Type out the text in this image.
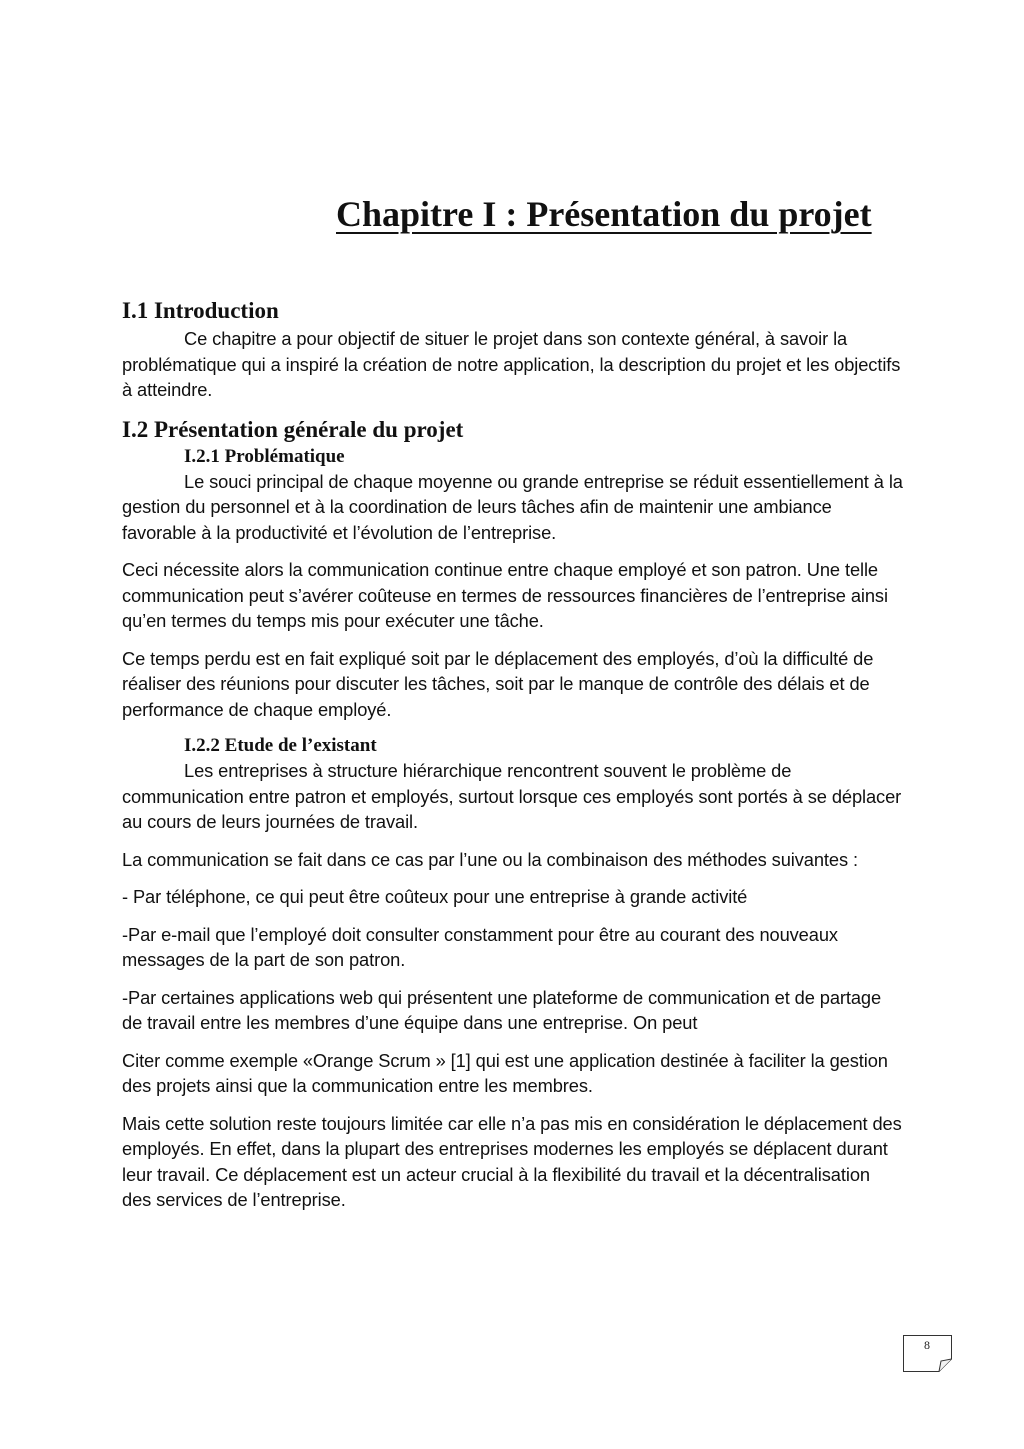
Chapitre I : Présentation du projet
I.1 Introduction

Ce chapitre a pour objectif de situer le projet dans son contexte général, à savoir la problématique qui a inspiré la création de notre application, la description du projet et les objectifs à atteindre.

I.2 Présentation générale du projet
I.2.1 Problématique

Le souci principal de chaque moyenne ou grande entreprise se réduit essentiellement à la gestion du personnel et à la coordination de leurs tâches afin de maintenir une ambiance favorable à la productivité et l’évolution de l’entreprise.

Ceci nécessite alors la communication continue entre chaque employé et son patron. Une telle communication peut s’avérer coûteuse en termes de ressources financières de l’entreprise ainsi qu’en termes du temps mis pour exécuter une tâche.

Ce temps perdu est en fait expliqué soit par le déplacement des employés, d’où la difficulté de réaliser des réunions pour discuter les tâches, soit par le manque de contrôle des délais et de performance de chaque employé.

I.2.2 Etude de l’existant

Les entreprises à structure hiérarchique rencontrent souvent le problème de communication entre patron et employés, surtout lorsque ces employés sont portés à se déplacer au cours de leurs journées de travail.

La communication se fait dans ce cas par l’une ou la combinaison des méthodes suivantes :

- Par téléphone, ce qui peut être coûteux pour une entreprise à grande activité

-Par e-mail que l’employé doit consulter constamment pour être au courant des nouveaux messages de la part de son patron.

-Par certaines applications web qui présentent une plateforme de communication et de partage de travail entre les membres d’une équipe dans une entreprise. On peut

Citer comme exemple «Orange Scrum » [1] qui est une application destinée à faciliter la gestion des projets ainsi que la communication entre les membres.

Mais cette solution reste toujours limitée car elle n’a pas mis en considération le déplacement des employés. En effet, dans la plupart des entreprises modernes les employés se déplacent durant leur travail. Ce déplacement est un acteur crucial à la flexibilité du travail et la décentralisation des services de l’entreprise.

8
